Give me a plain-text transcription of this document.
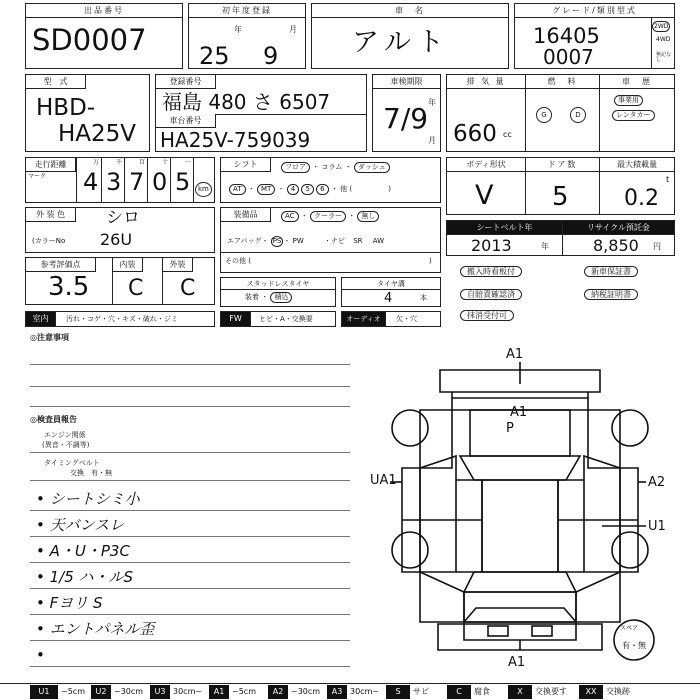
出品番号
SD0007
初年度登録
年	月
25 9
車　名
アルト
グレード/類別型式
16405
0007
2WD
4WD
無記なし
型　式
HBD-
HA25V
登録番号
福島 480 さ 6507
車台番号
HA25V-759039
車検期限
年
月
7/9
排 気 量
660 cc
燃　料
G	D
車　歴
事業用
レンタカー
走行距離
マーク
万
4
千
3
百
7
十
0
一
5	km
シフト	フロア ・ コラム ・ ダッシュ
AT ・ MT ・ 4 5 6 ・ 他 (	)
ボディ形状
V
ドア数
5
最大積載量
t
0.2
外 装 色	シロ
(カラーNo 26U
装備品	AC ・ クーラー ・ 無し
エアバッグ・ PS ・ PW	・ナビ SR AW
その他 (	)
シートベルト年
2013	年
リサイクル預託金
8,850 円
参考評価点	内装	外装
3.5 C C	スタッドレスタイヤ
装着 ・ 積込
タイヤ溝
4	本
搬入時看板付	新車保証書
自賠責確認済	納税証明書
抹消受付可
室内	汚れ・コゲ・穴・キズ・破れ・ジミ	FW	ヒビ・A・交換要	オーディオ	欠・穴
◎注意事項
◎検査員報告
エンジン関係
(異音・不調等)
タイミングベルト
交換　有・無
• シートシミ小
• 天バンスレ
• A・U・P3C
• 1/5 ハ・ルS
• Fヨリ S
• エントパネル歪
•
A1
A1
P
UA1	A2
U1
A1
スペア
有・無
U1	~5cm	U2 ~30cm	U3 30cm~	A1 ~5cm	A2 ~30cm	A3 30cm~	S	サビ	C	腐食	X	交換要す	XX	交換跡
